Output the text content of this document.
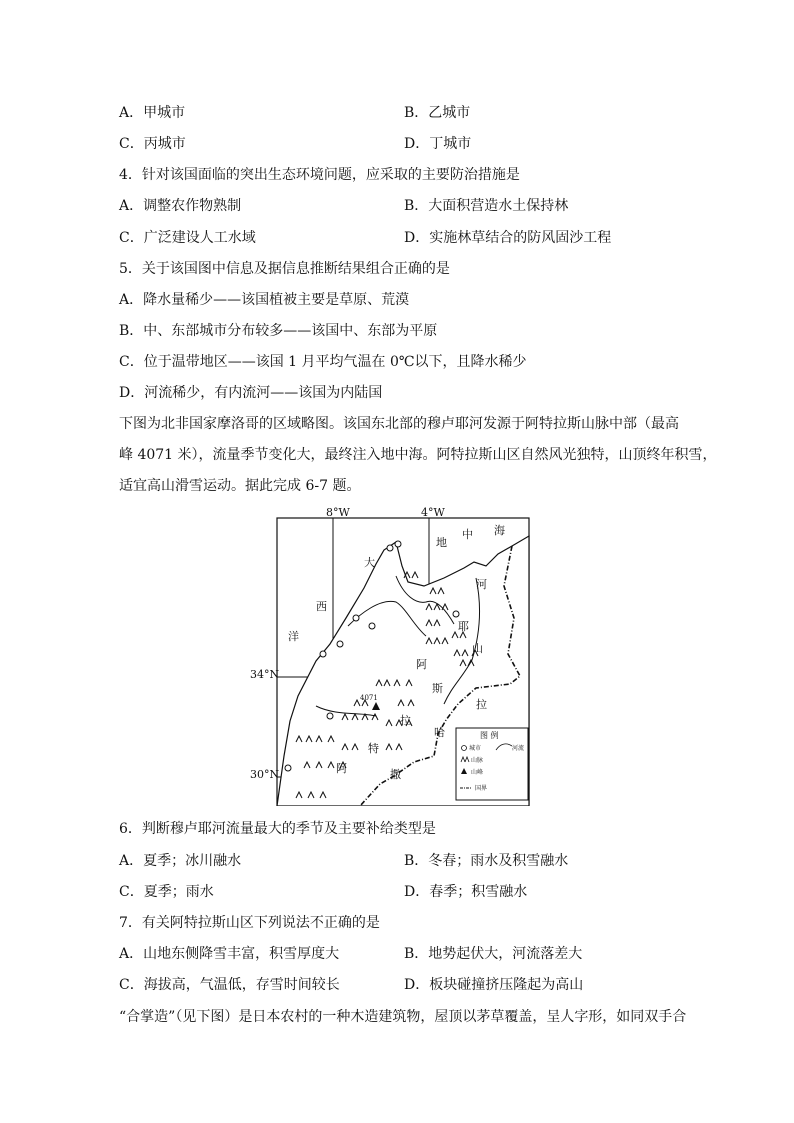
A．甲城市	B．乙城市
C．丙城市	D．丁城市
4．针对该国面临的突出生态环境问题，应采取的主要防治措施是
A．调整农作物熟制	B．大面积营造水土保持林
C．广泛建设人工水域	D．实施林草结合的防风固沙工程
5．关于该国图中信息及据信息推断结果组合正确的是
A．降水量稀少——该国植被主要是草原、荒漠
B．中、东部城市分布较多——该国中、东部为平原
C．位于温带地区——该国 1 月平均气温在 0℃以下，且降水稀少
D．河流稀少，有内流河——该国为内陆国
下图为北非国家摩洛哥的区域略图。该国东北部的穆卢耶河发源于阿特拉斯山脉中部（最高
峰 4071 米），流量季节变化大，最终注入地中海。阿特拉斯山区自然风光独特，山顶终年积雪，
适宜高山滑雪运动。据此完成 6-7 题。
8°W	4°W
4071
地
中 海
大
西
洋
河
耶
山
阿
斯
拉
拉
哈
特
撒
阿
图 例
城市	河流
山脉
山峰
国界
34°N
30°N
6．判断穆卢耶河流量最大的季节及主要补给类型是
A．夏季；冰川融水	B．冬春；雨水及积雪融水
C．夏季；雨水	D．春季；积雪融水
7．有关阿特拉斯山区下列说法不正确的是
A．山地东侧降雪丰富，积雪厚度大	B．地势起伏大，河流落差大
C．海拔高，气温低，存雪时间较长	D．板块碰撞挤压隆起为高山
“合掌造”（见下图）是日本农村的一种木造建筑物，屋顶以茅草覆盖，呈人字形，如同双手合
